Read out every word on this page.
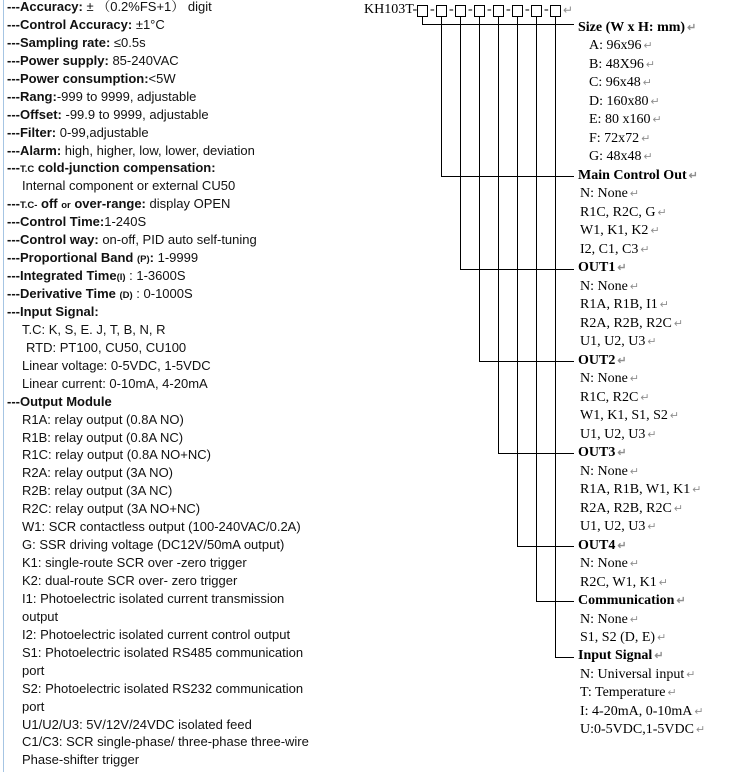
---Accuracy: ± （0.2%FS+1） digit
---Control Accuracy: ±1°C
---Sampling rate: ≤0.5s
---Power supply: 85-240VAC
---Power consumption:<5W
---Rang:-999 to 9999, adjustable
---Offset: -99.9 to 9999, adjustable
---Filter: 0-99,adjustable
---Alarm: high, higher, low, lower, deviation
---T.C cold-junction compensation:
Internal component or external CU50
---T.C- off or over-range: display OPEN
---Control Time:1-240S
---Control way: on-off, PID auto self-tuning
---Proportional Band (P): 1-9999
---Integrated Time(I) : 1-3600S
---Derivative Time (D) : 0-1000S
---Input Signal:
T.C: K, S, E. J, T, B, N, R
RTD: PT100, CU50, CU100
Linear voltage: 0-5VDC, 1-5VDC
Linear current: 0-10mA, 4-20mA
---Output Module
R1A: relay output (0.8A NO)
R1B: relay output (0.8A NC)
R1C: relay output (0.8A NO+NC)
R2A: relay output (3A NO)
R2B: relay output (3A NC)
R2C: relay output (3A NO+NC)
W1: SCR contactless output (100-240VAC/0.2A)
G: SSR driving voltage (DC12V/50mA output)
K1: single-route SCR over -zero trigger
K2: dual-route SCR over- zero trigger
I1: Photoelectric isolated current transmission
output
I2: Photoelectric isolated current control output
S1: Photoelectric isolated RS485 communication
port
S2: Photoelectric isolated RS232 communication
port
U1/U2/U3: 5V/12V/24VDC isolated feed
C1/C3: SCR single-phase/ three-phase three-wire
Phase-shifter trigger
KH103T-	↵
- - - - - - -
Size (W x H: mm) ↵
A: 96x96 ↵
B: 48X96 ↵
C: 96x48 ↵
D: 160x80 ↵
E: 80 x160 ↵
F: 72x72 ↵
G: 48x48 ↵
Main Control Out ↵
N: None ↵
R1C, R2C, G ↵
W1, K1, K2 ↵
I2, C1, C3 ↵
OUT1 ↵
N: None ↵
R1A, R1B, I1 ↵
R2A, R2B, R2C ↵
U1, U2, U3 ↵
OUT2 ↵
N: None ↵
R1C, R2C ↵
W1, K1, S1, S2 ↵
U1, U2, U3 ↵
OUT3 ↵
N: None ↵
R1A, R1B, W1, K1 ↵
R2A, R2B, R2C ↵
U1, U2, U3 ↵
OUT4 ↵
N: None ↵
R2C, W1, K1 ↵
Communication ↵
N: None ↵
S1, S2 (D, E) ↵
Input Signal ↵
N: Universal input ↵
T: Temperature ↵
I: 4-20mA, 0-10mA ↵
U:0-5VDC,1-5VDC ↵
